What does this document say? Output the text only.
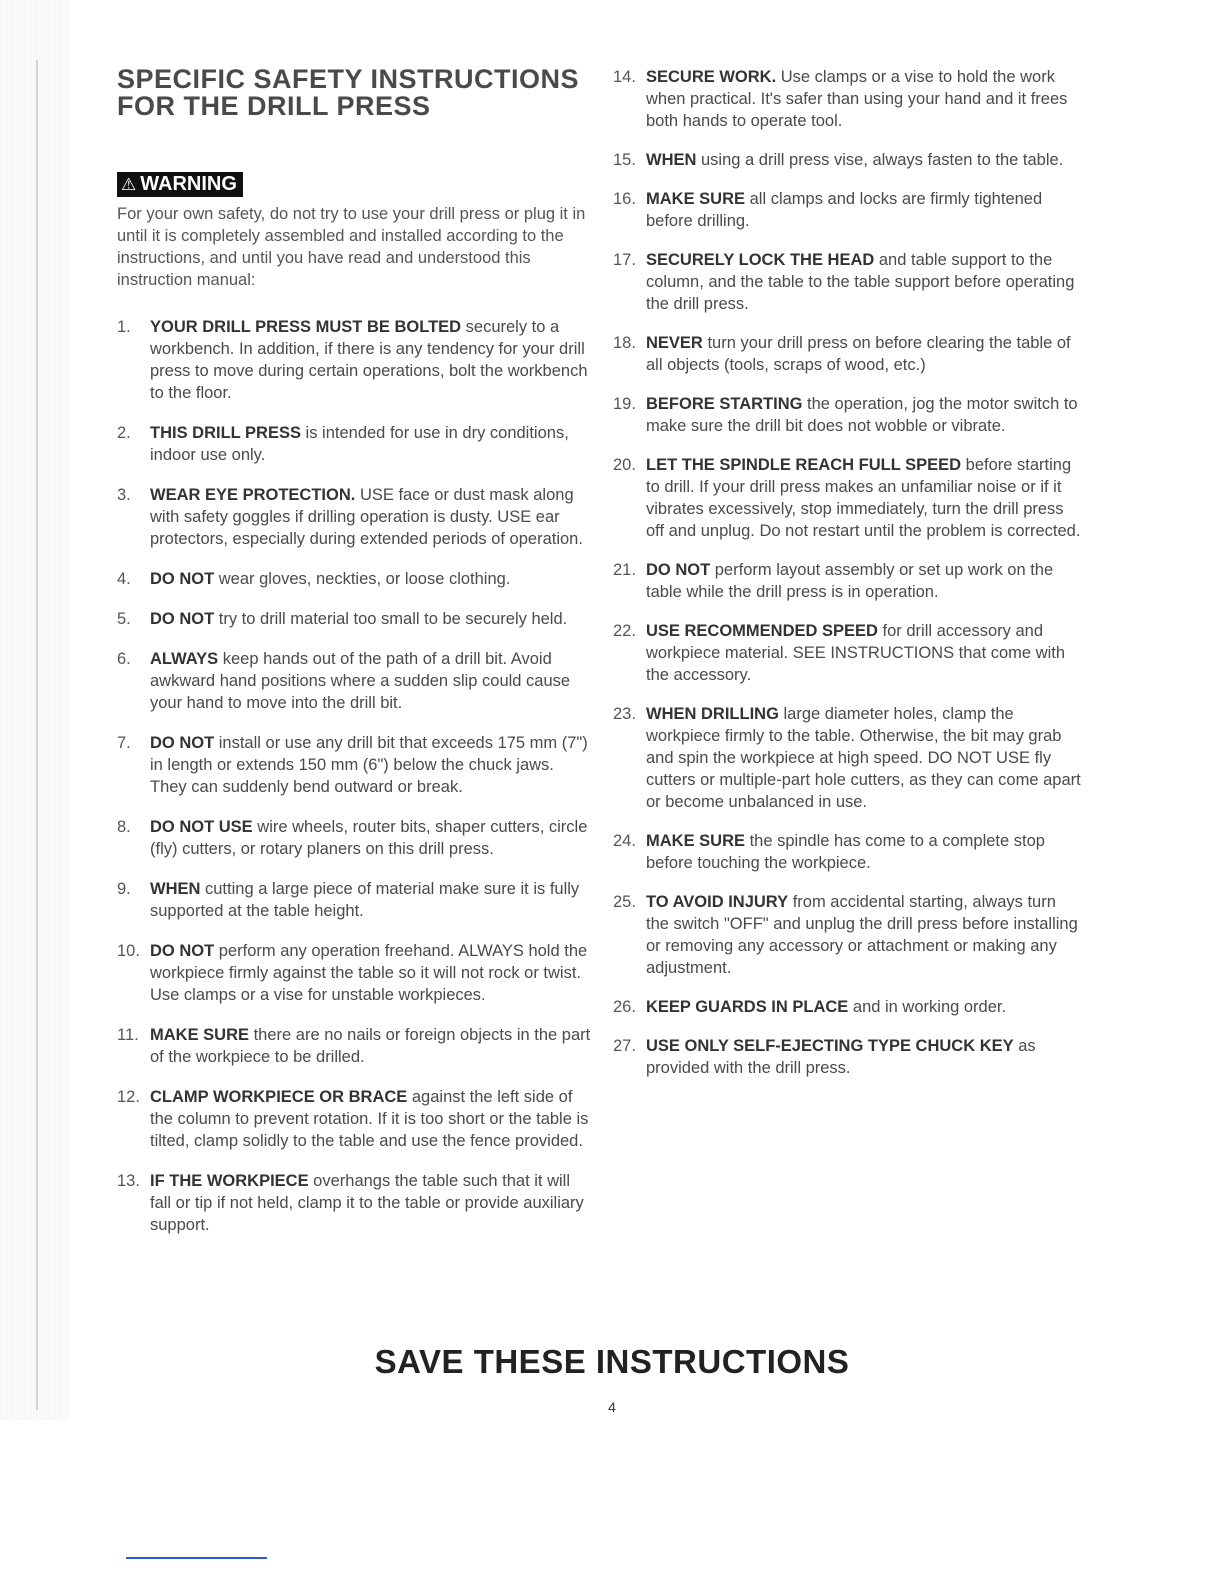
SPECIFIC SAFETY INSTRUCTIONS
FOR THE DRILL PRESS
⚠ WARNING

For your own safety, do not try to use your drill press or plug it in until it is completely assembled and installed according to the instructions, and until you have read and understood this instruction manual:

1. YOUR DRILL PRESS MUST BE BOLTED securely to a workbench. In addition, if there is any tendency for your drill press to move during certain operations, bolt the workbench to the floor.
2. THIS DRILL PRESS is intended for use in dry conditions, indoor use only.
3. WEAR EYE PROTECTION. USE face or dust mask along with safety goggles if drilling operation is dusty. USE ear protectors, especially during extended periods of operation.
4. DO NOT wear gloves, neckties, or loose clothing.
5. DO NOT try to drill material too small to be securely held.
6. ALWAYS keep hands out of the path of a drill bit. Avoid awkward hand positions where a sudden slip could cause your hand to move into the drill bit.
7. DO NOT install or use any drill bit that exceeds 175 mm (7") in length or extends 150 mm (6") below the chuck jaws. They can suddenly bend outward or break.
8. DO NOT USE wire wheels, router bits, shaper cutters, circle (fly) cutters, or rotary planers on this drill press.
9. WHEN cutting a large piece of material make sure it is fully supported at the table height.
10. DO NOT perform any operation freehand. ALWAYS hold the workpiece firmly against the table so it will not rock or twist. Use clamps or a vise for unstable workpieces.
11. MAKE SURE there are no nails or foreign objects in the part of the workpiece to be drilled.
12. CLAMP WORKPIECE OR BRACE against the left side of the column to prevent rotation. If it is too short or the table is tilted, clamp solidly to the table and use the fence provided.
13. IF THE WORKPIECE overhangs the table such that it will fall or tip if not held, clamp it to the table or provide auxiliary support.
14. SECURE WORK. Use clamps or a vise to hold the work when practical. It's safer than using your hand and it frees both hands to operate tool.
15. WHEN using a drill press vise, always fasten to the table.
16. MAKE SURE all clamps and locks are firmly tightened before drilling.
17. SECURELY LOCK THE HEAD and table support to the column, and the table to the table support before operating the drill press.
18. NEVER turn your drill press on before clearing the table of all objects (tools, scraps of wood, etc.)
19. BEFORE STARTING the operation, jog the motor switch to make sure the drill bit does not wobble or vibrate.
20. LET THE SPINDLE REACH FULL SPEED before starting to drill. If your drill press makes an unfamiliar noise or if it vibrates excessively, stop immediately, turn the drill press off and unplug. Do not restart until the problem is corrected.
21. DO NOT perform layout assembly or set up work on the table while the drill press is in operation.
22. USE RECOMMENDED SPEED for drill accessory and workpiece material. SEE INSTRUCTIONS that come with the accessory.
23. WHEN DRILLING large diameter holes, clamp the workpiece firmly to the table. Otherwise, the bit may grab and spin the workpiece at high speed. DO NOT USE fly cutters or multiple-part hole cutters, as they can come apart or become unbalanced in use.
24. MAKE SURE the spindle has come to a complete stop before touching the workpiece.
25. TO AVOID INJURY from accidental starting, always turn the switch "OFF" and unplug the drill press before installing or removing any accessory or attachment or making any adjustment.
26. KEEP GUARDS IN PLACE and in working order.
27. USE ONLY SELF-EJECTING TYPE CHUCK KEY as provided with the drill press.
SAVE THESE INSTRUCTIONS
4
